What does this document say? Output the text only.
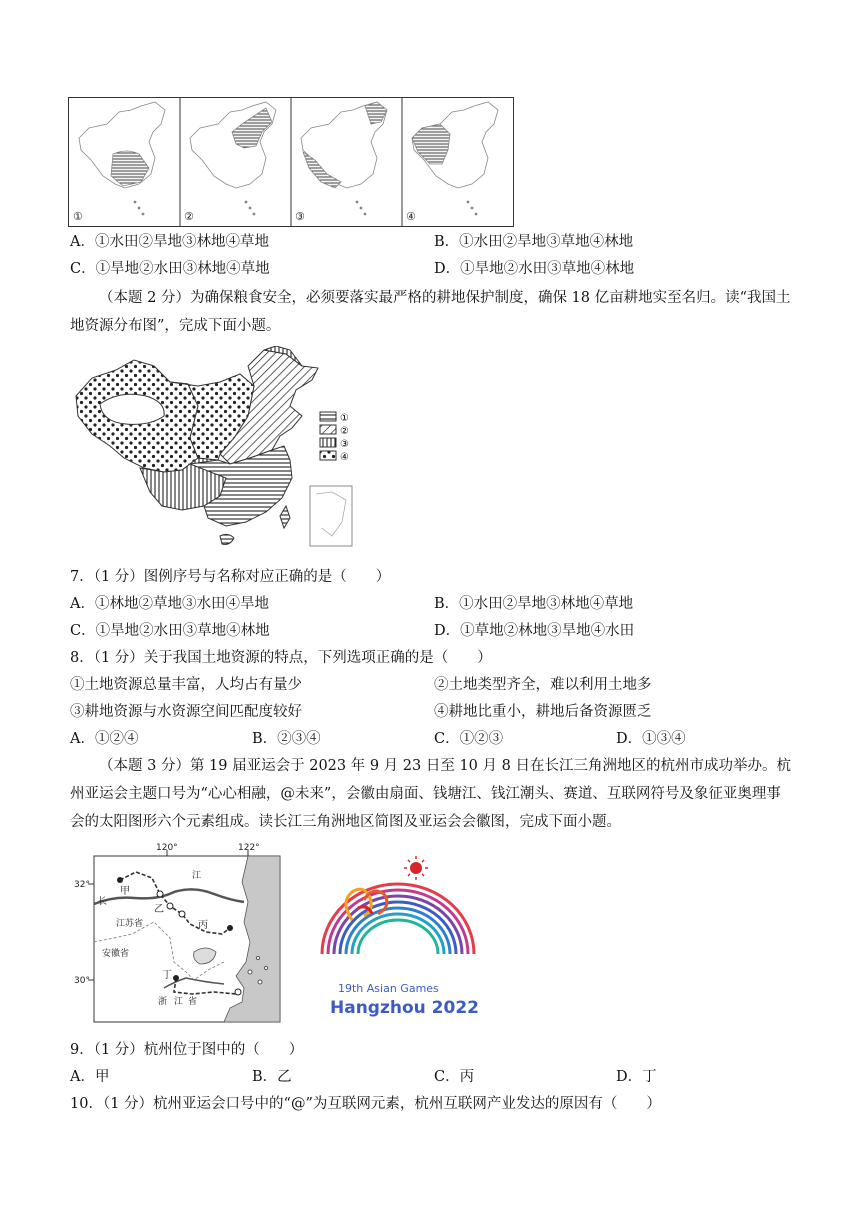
①	②	③	④
A．①水田②旱地③林地④草地	B．①水田②旱地③草地④林地
C．①旱地②水田③林地④草地	D．①旱地②水田③草地④林地
（本题 2 分）为确保粮食安全，必须要落实最严格的耕地保护制度，确保 18 亿亩耕地实至名归。读“我国土地资源分布图”，完成下面小题。
①
②
③
④
7．（1 分）图例序号与名称对应正确的是（　　）
A．①林地②草地③水田④旱地	B．①水田②旱地③林地④草地
C．①旱地②水田③草地④林地	D．①草地②林地③旱地④水田
8．（1 分）关于我国土地资源的特点，下列选项正确的是（　　）
①土地资源总量丰富，人均占有量少	②土地类型齐全，难以利用土地多
③耕地资源与水资源空间匹配度较好	④耕地比重小，耕地后备资源匮乏
A．①②④	B．②③④	C．①②③	D．①③④
（本题 3 分）第 19 届亚运会于 2023 年 9 月 23 日至 10 月 8 日在长江三角洲地区的杭州市成功举办。杭州亚运会主题口号为“心心相融，@未来”，会徽由扇面、钱塘江、钱江潮头、赛道、互联网符号及象征亚奥理事会的太阳图形六个元素组成。读长江三角洲地区简图及亚运会会徽图，完成下面小题。
120°	122°
32°
30°
甲
乙
丙
丁
长
江
江苏省
安徽省
浙 江 省
19th Asian Games
Hangzhou 2022
9．（1 分）杭州位于图中的（　　）
A．甲	B．乙	C．丙	D．丁
10．（1 分）杭州亚运会口号中的“@”为互联网元素，杭州互联网产业发达的原因有（　　）
